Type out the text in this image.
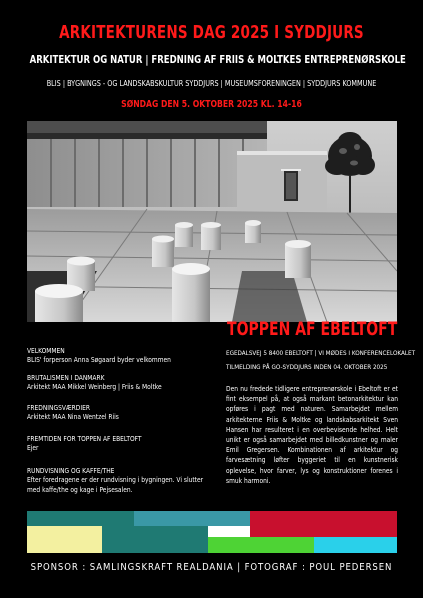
ARKITEKTURENS DAG 2025 I SYDDJURS
ARKITEKTUR OG NATUR | FREDNING AF FRIIS & MOLTKES ENTREPRENØRSKOLE
BLIS | BYGNINGS - OG LANDSKABSKULTUR SYDDJURS | MUSEUMSFORENINGEN | SYDDJURS KOMMUNE
SØNDAG DEN 5. OKTOBER 2025 KL. 14-16
TOPPEN AF EBELTOFT
VELKOMMEN
BLIS' forperson Anna Søgaard byder velkommen
BRUTALISMEN I DANMARK
Arkitekt MAA Mikkel Weinberg | Friis & Moltke
FREDNINGSVÆRDIER
Arkitekt MAA Nina Wentzel Riis
FREMTIDEN FOR TOPPEN AF EBELTOFT
Ejer
RUNDVISNING OG KAFFE/THE
Efter foredragene er der rundvisning i bygningen. Vi slutter med kaffe/the og kage i Pejsesalen.
EGEDALSVEJ 5 8400 EBELTOFT | VI MØDES I KONFERENCELOKALET
TILMELDING PÅ GO-SYDDJURS INDEN 04. OKTOBER 2025
Den nu fredede tidligere entreprenørskole i Ebeltoft er et fint eksempel på, at også markant betonarkitektur kan opføres i pagt med naturen. Samarbejdet mellem arkitekterne Friis & Moltke og landskabsarkitekt Sven Hansen har resulteret i en overbevisende helhed. Helt unikt er også samarbejdet med billedkunstner og maler Emil Gregersen. Kombinationen af arkitektur og farvesætning løfter byggeriet til en kunstnerisk oplevelse, hvor farver, lys og konstruktioner forenes i smuk harmoni.
SPONSOR : SAMLINGSKRAFT REALDANIA | FOTOGRAF : POUL PEDERSEN
